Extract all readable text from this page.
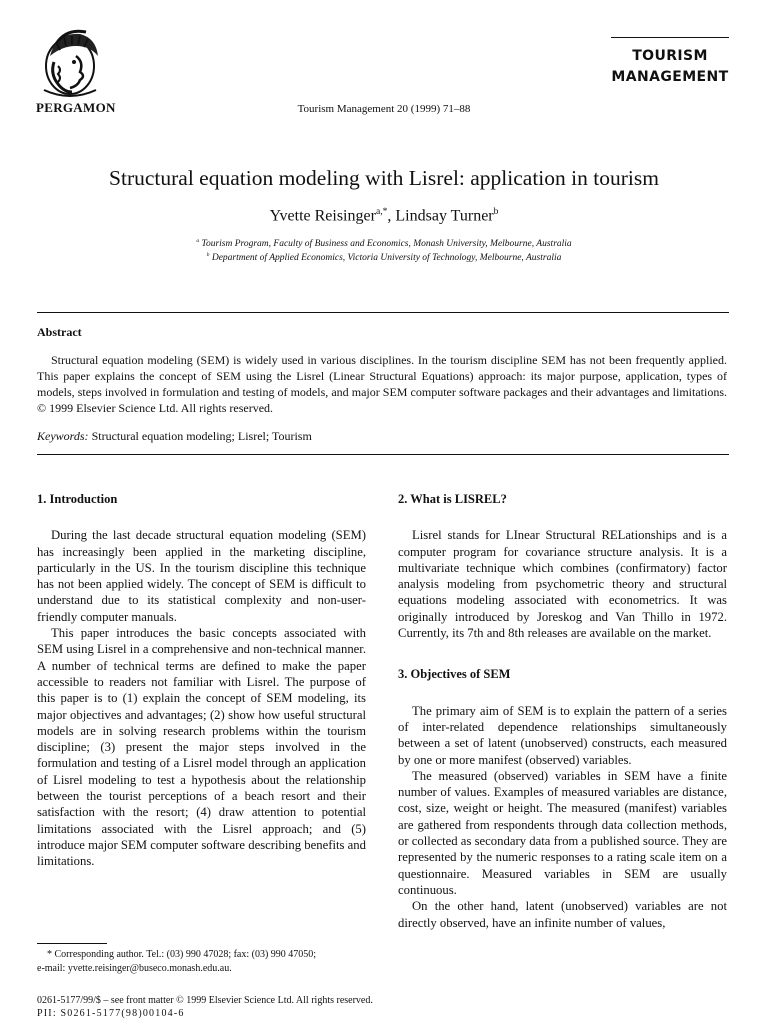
PERGAMON	Tourism Management 20 (1999) 71–88
TOURISM
MANAGEMENT
Structural equation modeling with Lisrel: application in tourism
Yvette Reisinger$^{a,*}$, Lindsay Turner$^b$
$^a$ Tourism Program, Faculty of Business and Economics, Monash University, Melbourne, Australia
$^b$ Department of Applied Economics, Victoria University of Technology, Melbourne, Australia
Abstract
Structural equation modeling (SEM) is widely used in various disciplines. In the tourism discipline SEM has not been frequently applied. This paper explains the concept of SEM using the Lisrel (Linear Structural Equations) approach: its major purpose, application, types of models, steps involved in formulation and testing of models, and major SEM computer software packages and their advantages and limitations. © 1999 Elsevier Science Ltd. All rights reserved.
Keywords: Structural equation modeling; Lisrel; Tourism
1. Introduction

During the last decade structural equation modeling (SEM) has increasingly been applied in the marketing discipline, particularly in the US. In the tourism discipline this technique has not been applied widely. The concept of SEM is difficult to understand due to its statistical complexity and non-user-friendly computer manuals.

This paper introduces the basic concepts associated with SEM using Lisrel in a comprehensive and non-technical manner. A number of technical terms are defined to make the paper accessible to readers not familiar with Lisrel. The purpose of this paper is to (1) explain the concept of SEM modeling, its major objectives and advantages; (2) show how useful structural models are in solving research problems within the tourism discipline; (3) present the major steps involved in the formulation and testing of a Lisrel model through an application of Lisrel modeling to test a hypothesis about the relationship between the tourist perceptions of a beach resort and their satisfaction with the resort; (4) draw attention to potential limitations associated with the Lisrel approach; and (5) introduce major SEM computer software describing benefits and limitations.

2. What is LISREL?

Lisrel stands for LInear Structural RELationships and is a computer program for covariance structure analysis. It is a multivariate technique which combines (confirmatory) factor analysis modeling from psychometric theory and structural equations modeling associated with econometrics. It was originally introduced by Joreskog and Van Thillo in 1972. Currently, its 7th and 8th releases are available on the market.

3. Objectives of SEM

The primary aim of SEM is to explain the pattern of a series of inter-related dependence relationships simultaneously between a set of latent (unobserved) constructs, each measured by one or more manifest (observed) variables.

The measured (observed) variables in SEM have a finite number of values. Examples of measured variables are distance, cost, size, weight or height. The measured (manifest) variables are gathered from respondents through data collection methods, or collected as secondary data from a published source. They are represented by the numeric responses to a rating scale item on a questionnaire. Measured variables in SEM are usually continuous.

On the other hand, latent (unobserved) variables are not directly observed, have an infinite number of values,

* Corresponding author. Tel.: (03) 990 47028; fax: (03) 990 47050;
e-mail: yvette.reisinger@buseco.monash.edu.au.
0261-5177/99/$ – see front matter © 1999 Elsevier Science Ltd. All rights reserved.
PII: S0261-5177(98)00104-6
